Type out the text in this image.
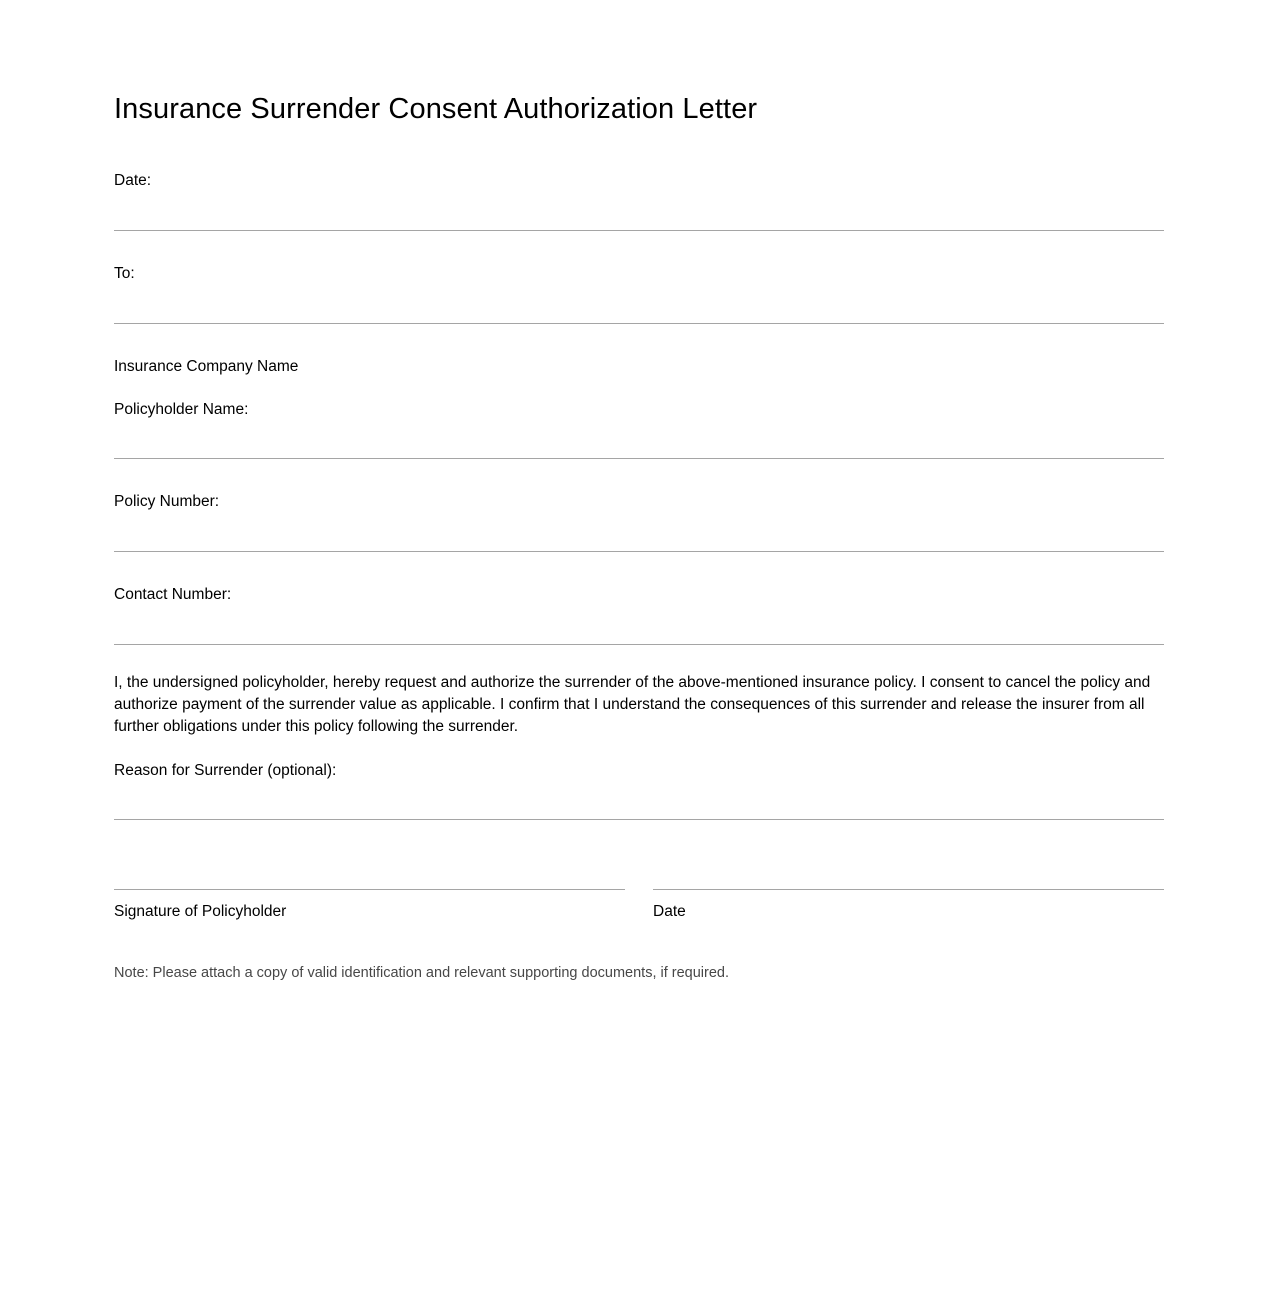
Insurance Surrender Consent Authorization Letter

Date:

To:

Insurance Company Name

Policyholder Name:

Policy Number:

Contact Number:

I, the undersigned policyholder, hereby request and authorize the surrender of the above-mentioned insurance policy. I consent to cancel the policy and authorize payment of the surrender value as applicable. I confirm that I understand the consequences of this surrender and release the insurer from all further obligations under this policy following the surrender.

Reason for Surrender (optional):

Signature of Policyholder	Date

Note: Please attach a copy of valid identification and relevant supporting documents, if required.
